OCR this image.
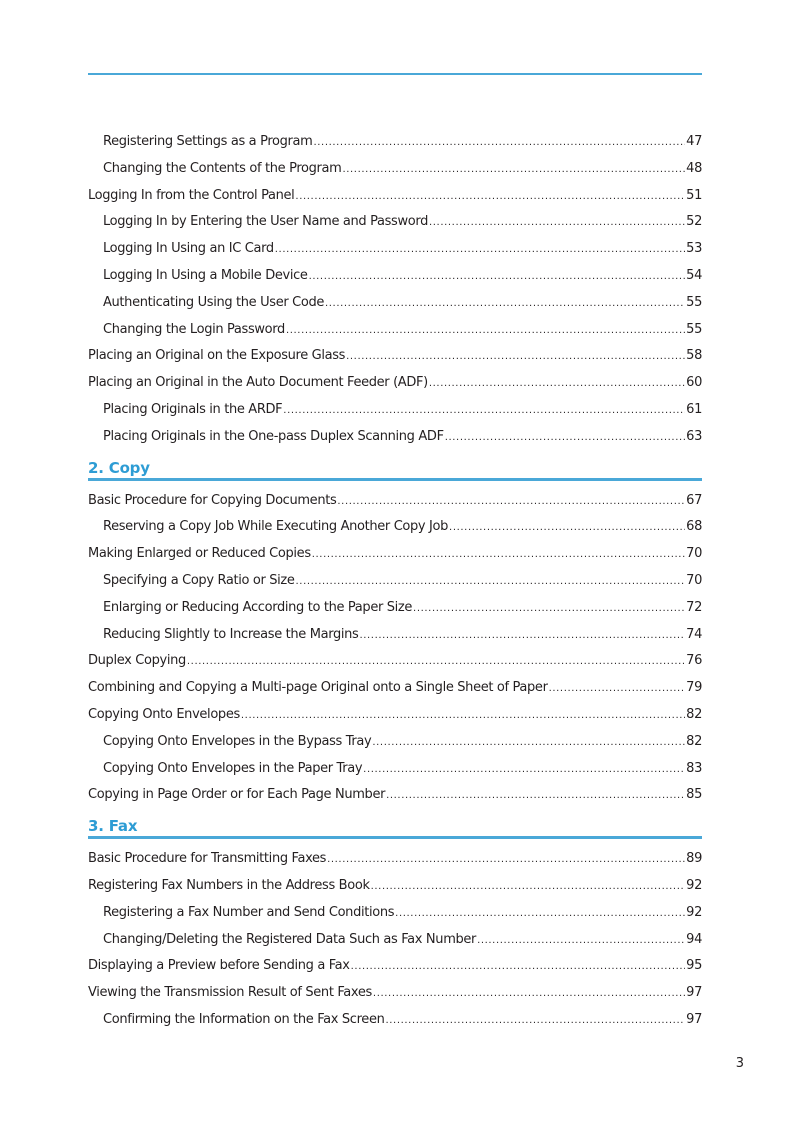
Registering Settings as a Program .....	47
Changing the Contents of the Program .....	48
Logging In from the Control Panel .....	51
Logging In by Entering the User Name and Password .....	52
Logging In Using an IC Card .....	53
Logging In Using a Mobile Device .....	54
Authenticating Using the User Code .....	55
Changing the Login Password .....	55
Placing an Original on the Exposure Glass .....	58
Placing an Original in the Auto Document Feeder (ADF) .....	60
Placing Originals in the ARDF .....	61
Placing Originals in the One-pass Duplex Scanning ADF .....	63
2. Copy
Basic Procedure for Copying Documents .....	67
Reserving a Copy Job While Executing Another Copy Job .....	68
Making Enlarged or Reduced Copies .....	70
Specifying a Copy Ratio or Size .....	70
Enlarging or Reducing According to the Paper Size .....	72
Reducing Slightly to Increase the Margins .....	74
Duplex Copying .....	76
Combining and Copying a Multi-page Original onto a Single Sheet of Paper .....	79
Copying Onto Envelopes .....	82
Copying Onto Envelopes in the Bypass Tray .....	82
Copying Onto Envelopes in the Paper Tray .....	83
Copying in Page Order or for Each Page Number .....	85
3. Fax
Basic Procedure for Transmitting Faxes .....	89
Registering Fax Numbers in the Address Book .....	92
Registering a Fax Number and Send Conditions .....	92
Changing/Deleting the Registered Data Such as Fax Number .....	94
Displaying a Preview before Sending a Fax .....	95
Viewing the Transmission Result of Sent Faxes .....	97
Confirming the Information on the Fax Screen .....	97
3
